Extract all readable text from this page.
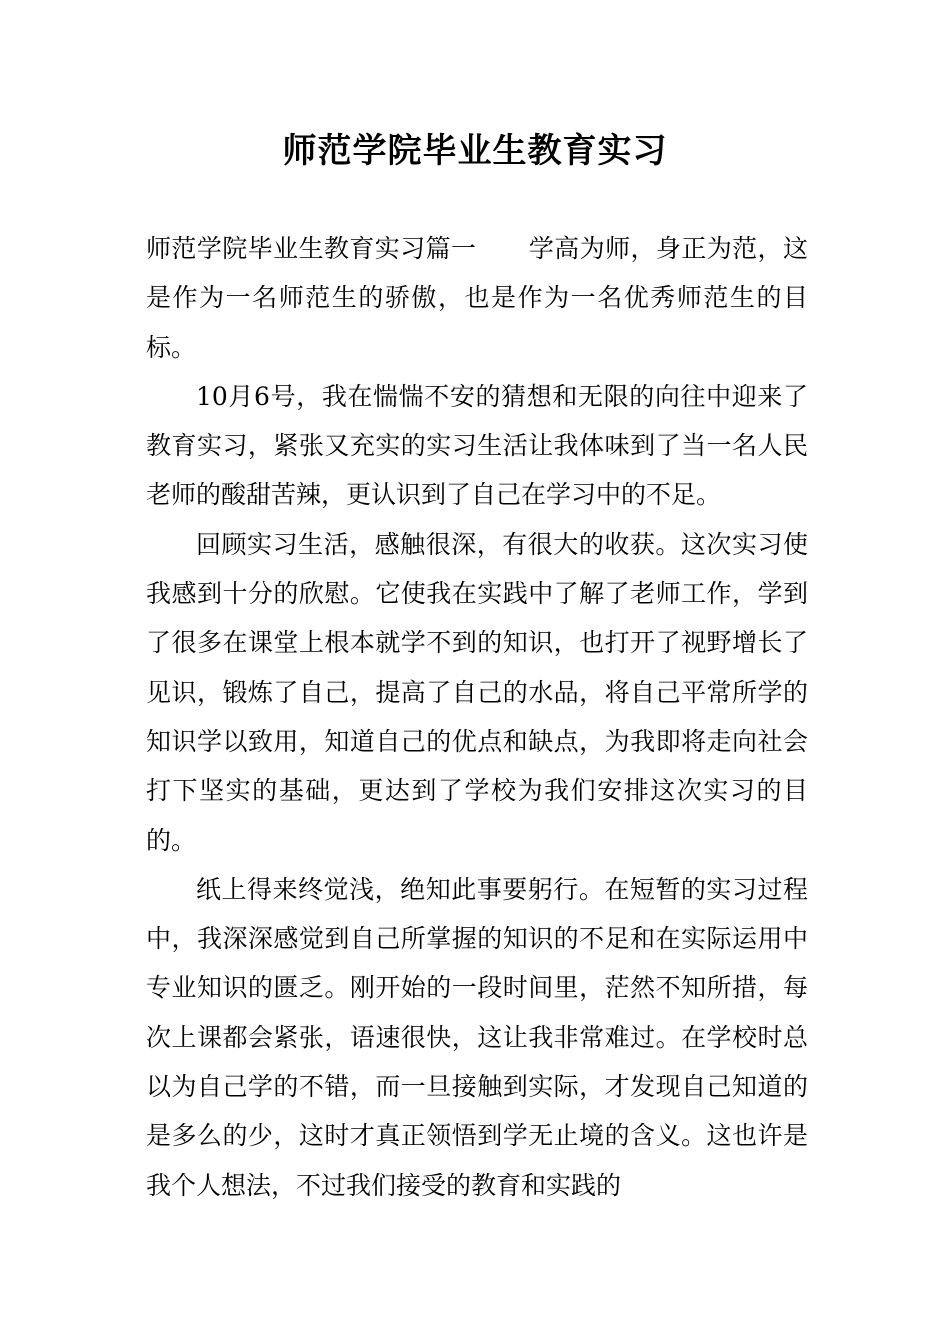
师范学院毕业生教育实习

师范学院毕业生教育实习篇一 学高为师，身正为范，这是作为一名师范生的骄傲，也是作为一名优秀师范生的目标。

10月6号，我在惴惴不安的猜想和无限的向往中迎来了教育实习，紧张又充实的实习生活让我体味到了当一名人民老师的酸甜苦辣，更认识到了自己在学习中的不足。

回顾实习生活，感触很深，有很大的收获。这次实习使我感到十分的欣慰。它使我在实践中了解了老师工作，学到了很多在课堂上根本就学不到的知识，也打开了视野增长了见识，锻炼了自己，提高了自己的水品，将自己平常所学的知识学以致用，知道自己的优点和缺点，为我即将走向社会打下坚实的基础，更达到了学校为我们安排这次实习的目的。

纸上得来终觉浅，绝知此事要躬行。在短暂的实习过程中，我深深感觉到自己所掌握的知识的不足和在实际运用中专业知识的匮乏。刚开始的一段时间里，茫然不知所措，每次上课都会紧张，语速很快，这让我非常难过。在学校时总以为自己学的不错，而一旦接触到实际，才发现自己知道的是多么的少，这时才真正领悟到学无止境的含义。这也许是我个人想法，不过我们接受的教育和实践的
